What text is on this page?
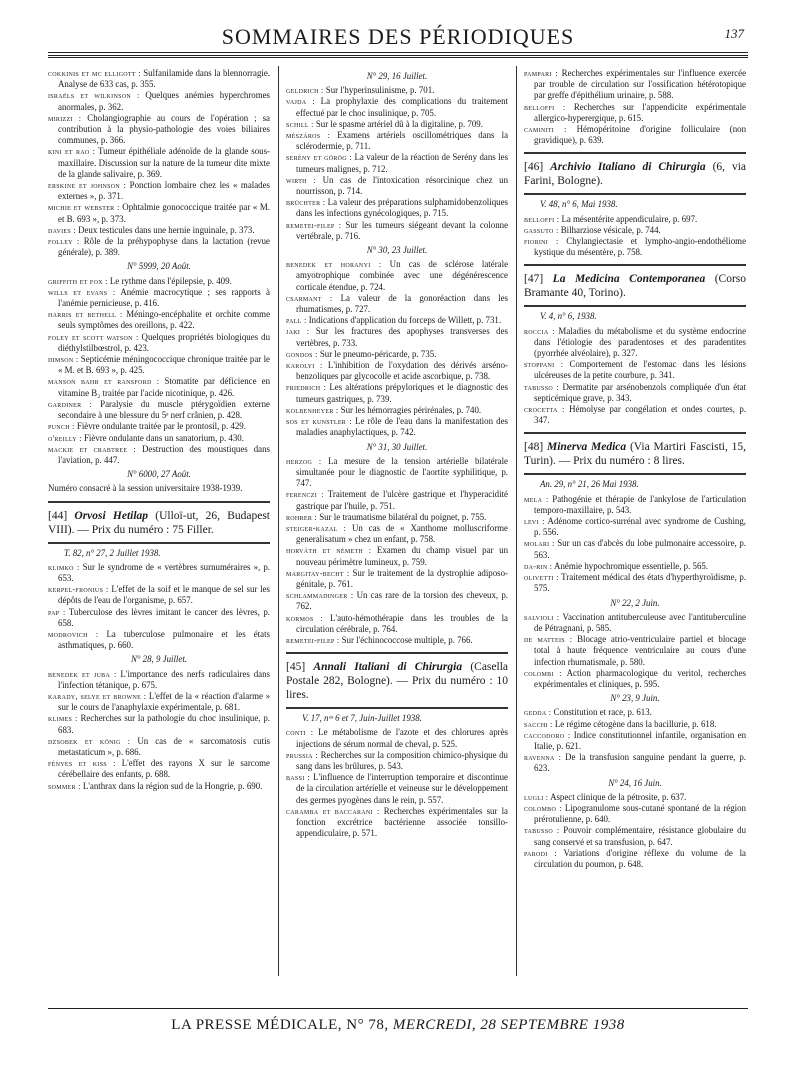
SOMMAIRES DES PÉRIODIQUES	137

cokkinis et mc elligott : Sulfanilamide dans la blennorragie. Analyse de 633 cas, p. 355.

israëls et wilkinson : Quelques anémies hyperchromes anormales, p. 362.

mirizzi : Cholangiographie au cours de l'opération ; sa contribution à la physio-pathologie des voies biliaires communes, p. 366.

kini et rao : Tumeur épithéliale adénoïde de la glande sous-maxillaire. Discussion sur la nature de la tumeur dite mixte de la glande salivaire, p. 369.

erskine et johnson : Ponction lombaire chez les « malades externes », p. 371.

michie et webster : Ophtalmie gonococcique traitée par « M. et B. 693 », p. 373.

davies : Deux testicules dans une hernie inguinale, p. 373.

folley : Rôle de la préhypophyse dans la lactation (revue générale), p. 389.

N° 5999, 20 Août.

griffith et fox : Le rythme dans l'épilepsie, p. 409.

wills et evans : Anémie macrocytique ; ses rapports à l'anémie pernicieuse, p. 416.

harris et bethell : Méningo-encéphalite et orchite comme seuls symptômes des oreillons, p. 422.

foley et scott watson : Quelques propriétés biologiques du diéthylstilbœstrol, p. 423.

dimson : Septicémie méningococcique chronique traitée par le « M. et B. 693 », p. 425.

manson bahr et ransford : Stomatite par déficience en vitamine B₂ traitée par l'acide nicotinique, p. 426.

gardiner : Paralysie du muscle ptérygoïdien externe secondaire à une blessure du 5ᵉ nerf crânien, p. 428.

punch : Fièvre ondulante traitée par le prontosil, p. 429.

o'reilly : Fièvre ondulante dans un sanatorium, p. 430.

mackie et crabtree : Destruction des moustiques dans l'aviation, p. 447.

N° 6000, 27 Août.
Numéro consacré à la session universitaire 1938-1939.
[44] Orvosi Hetilap (Ulloï-ut, 26, Budapest VIII). — Prix du numéro : 75 Filler.
T. 82, n° 27, 2 Juillet 1938.

klimko : Sur le syndrome de « vertèbres surnuméraires », p. 653.

kerpel-fronius : L'effet de la soif et le manque de sel sur les dépôts de l'eau de l'organisme, p. 657.

pap : Tuberculose des lèvres imitant le cancer des lèvres, p. 658.

modrovich : La tuberculose pulmonaire et les états asthmatiques, p. 660.

N° 28, 9 Juillet.

benedek et juba : L'importance des nerfs radiculaires dans l'infection tétanique, p. 675.

karady, selye et browne : L'effet de la « réaction d'alarme » sur le cours de l'anaphylaxie expérimentale, p. 681.

klimes : Recherches sur la pathologie du choc insulinique, p. 683.

dzsobek et könig : Un cas de « sarcomatosis cutis metastaticum », p. 686.

fényes et kiss : L'effet des rayons X sur le sarcome cérébellaire des enfants, p. 688.

sommer : L'anthrax dans la région sud de la Hongrie, p. 690.

N° 29, 16 Juillet.

geldrich : Sur l'hyperinsulinisme, p. 701.

vajda : La prophylaxie des complications du traitement effectué par le choc insulinique, p. 705.

schill : Sur le spasme artériel dû à la digitaline, p. 709.

mészáros : Examens artériels oscillométriques dans la sclérodermie, p. 711.

serény et görög : La valeur de la réaction de Serény dans les tumeurs malignes, p. 712.

wirth : Un cas de l'intoxication résorcinique chez un nourrisson, p. 714.

brüchter : La valeur des préparations sulphamidobenzoliques dans les infections gynécologiques, p. 715.

remetei-filep : Sur les tumeurs siégeant devant la colonne vertébrale, p. 716.

N° 30, 23 Juillet.

benedek et horanyi : Un cas de sclérose latérale amyotrophique combinée avec une dégénérescence corticale étendue, p. 724.

csarmant : La valeur de la gonoréaction dans les rhumatismes, p. 727.

pall : Indications d'application du forceps de Willett, p. 731.

jaki : Sur les fractures des apophyses transverses des vertèbres, p. 733.

gondos : Sur le pneumo-péricarde, p. 735.

karolyi : L'inhibition de l'oxydation des dérivés arséno-benzoliques par glycocolle et acide ascorbique, p. 738.

friedrich : Les altérations prépyloriques et le diagnostic des tumeurs gastriques, p. 739.

kolbenheyer : Sur les hémorragies périrénales, p. 740.

sos et kunstler : Le rôle de l'eau dans la manifestation des maladies anaphylactiques, p. 742.

N° 31, 30 Juillet.

herzog : La mesure de la tension artérielle bilatérale simultanée pour le diagnostic de l'aortite syphilitique, p. 747.

ferenczi : Traitement de l'ulcère gastrique et l'hyperacidité gastrique par l'huile, p. 751.

rohrer : Sur le traumatisme bilatéral du poignet, p. 755.

steiger-kazal : Un cas de « Xanthome molluscriforme generalisatum » chez un enfant, p. 758.

horváth et németh : Examen du champ visuel par un nouveau périmètre lumineux, p. 759.

margitay-becht : Sur le traitement de la dystrophie adiposo-génitale, p. 761.

schlammadinger : Un cas rare de la torsion des cheveux, p. 762.

kormos : L'auto-hémothérapie dans les troubles de la circulation cérébrale, p. 764.

remetei-filep : Sur l'échinococcose multiple, p. 766.

[45] Annali Italiani di Chirurgia (Casella Postale 282, Bologne). — Prix du numéro : 10 lires.
V. 17, nᵒˢ 6 et 7, Juin-Juillet 1938.

conti : Le métabolisme de l'azote et des chlorures après injections de sérum normal de cheval, p. 525.

prussia : Recherches sur la composition chimico-physique du sang dans les brûlures, p. 543.

bassi : L'influence de l'interruption temporaire et discontinue de la circulation artérielle et veineuse sur le développement des germes pyogènes dans le rein, p. 557.

caramba et baccarani : Recherches expérimentales sur la fonction excrétrice bactérienne associée tonsillo-appendiculaire, p. 571.

pampari : Recherches expérimentales sur l'influence exercée par trouble de circulation sur l'ossification hétérotopique par greffe d'épithélium urinaire, p. 588.

belloffi : Recherches sur l'appendicite expérimentale allergico-hyperergique, p. 615.

caminiti : Hémopéritoine d'origine folliculaire (non gravidique), p. 639.

[46] Archivio Italiano di Chirurgia (6, via Farini, Bologne).
V. 48, n° 6, Mai 1938.

belloffi : La mésentérite appendiculaire, p. 697.

gassuto : Bilharziose vésicale, p. 744.

fiorini : Chylangiectasie et lympho-angio-endothéliome kystique du mésentère, p. 758.

[47] La Medicina Contemporanea (Corso Bramante 40, Torino).
V. 4, n° 6, 1938.

roccia : Maladies du métabolisme et du système endocrine dans l'étiologie des paradentoses et des paradentites (pyorrhée alvéolaire), p. 327.

stoppani : Comportement de l'estomac dans les lésions ulcéreuses de la petite courbure, p. 341.

tabusso : Dermatite par arsénobenzols compliquée d'un état septicémique grave, p. 343.

crocetta : Hémolyse par congélation et ondes courtes, p. 347.

[48] Minerva Medica (Via Martiri Fascisti, 15, Turin). — Prix du numéro : 8 lires.
An. 29, n° 21, 26 Mai 1938.

mela : Pathogénie et thérapie de l'ankylose de l'articulation temporo-maxillaire, p. 543.

levi : Adénome cortico-surrénal avec syndrome de Cushing, p. 556.

molari : Sur un cas d'abcès du lobe pulmonaire accessoire, p. 563.

da-rin : Anémie hypochromique essentielle, p. 565.

olivetti : Traitement médical des états d'hyperthyroïdisme, p. 575.

N° 22, 2 Juin.

salvioli : Vaccination antituberculeuse avec l'antituberculine de Pétragnani, p. 585.

de matteis : Blocage atrio-ventriculaire partiel et blocage total à haute fréquence ventriculaire au cours d'une infection rhumatismale, p. 580.

colombi : Action pharmacologique du veritol, recherches expérimentales et cliniques, p. 595.

N° 23, 9 Juin.

gedda : Constitution et race, p. 613.

sacchi : Le régime cétogène dans la bacillurie, p. 618.

caccodoro : Indice constitutionnel infantile, organisation en Italie, p. 621.

ravenna : De la transfusion sanguine pendant la guerre, p. 623.

N° 24, 16 Juin.

lugli : Aspect clinique de la pétrosite, p. 637.

colombo : Lipogranulome sous-cutané spontané de la région prérotulienne, p. 640.

tabusso : Pouvoir complémentaire, résistance globulaire du sang conservé et sa transfusion, p. 647.

parodi : Variations d'origine réflexe du volume de la circulation du poumon, p. 648.

LA PRESSE MÉDICALE, N° 78, MERCREDI, 28 SEPTEMBRE 1938
